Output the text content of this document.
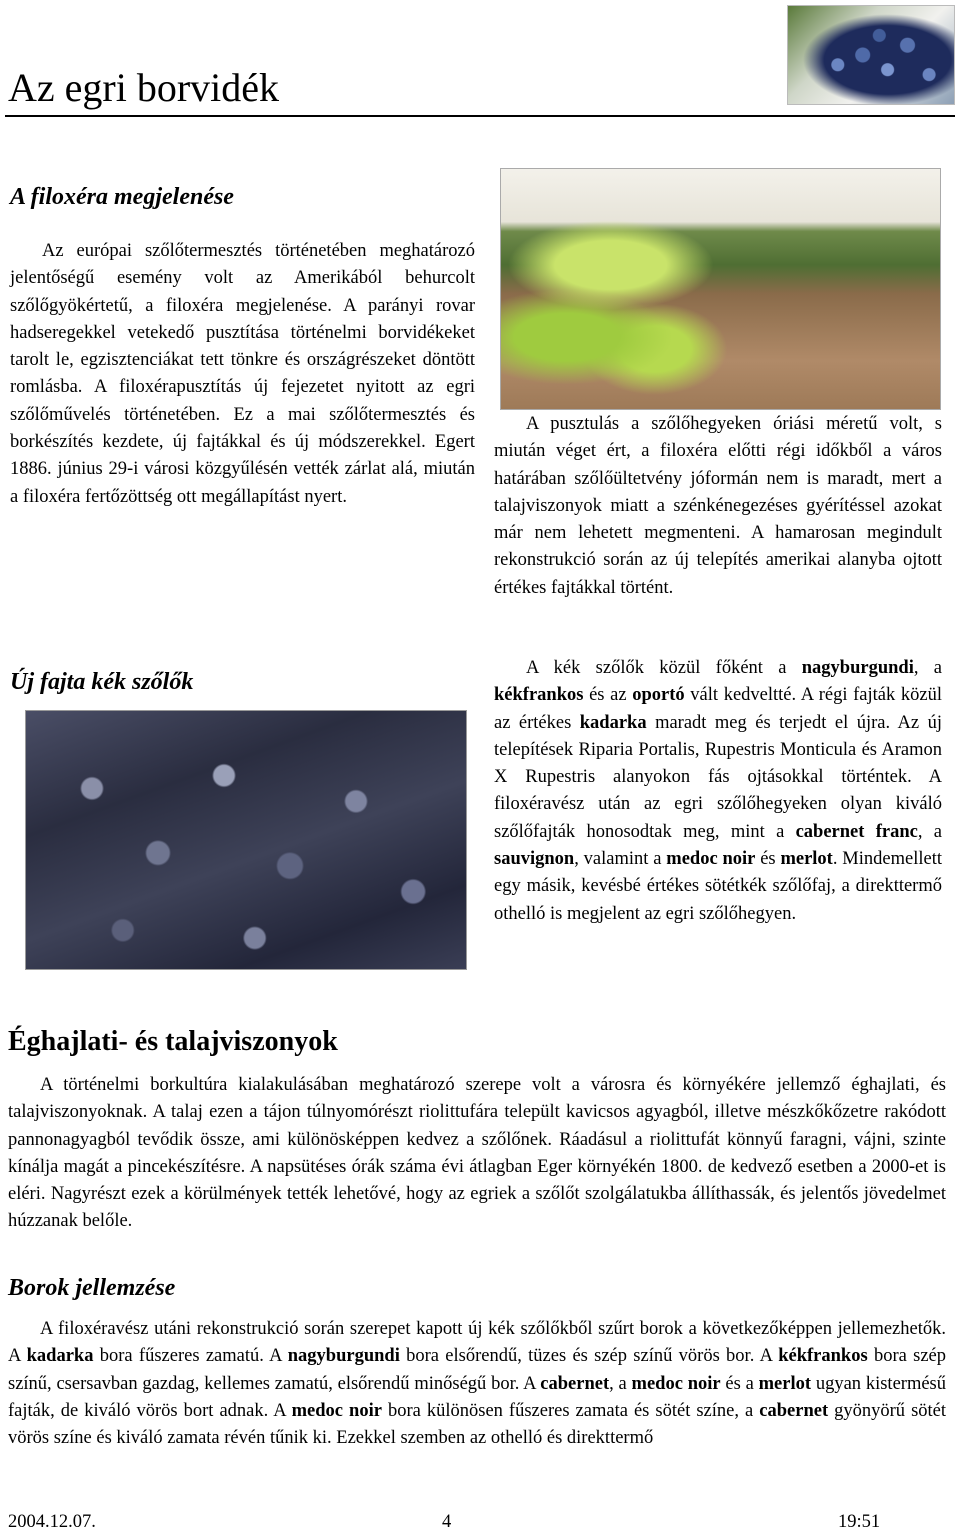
Az egri borvidék
A filoxéra megjelenése

Az európai szőlőtermesztés történetében meghatározó jelentőségű esemény volt az Amerikából behurcolt szőlőgyökértetű, a filoxéra megjelenése. A parányi rovar hadseregekkel vetekedő pusztítása történelmi borvidékeket tarolt le, egzisztenciákat tett tönkre és országrészeket döntött romlásba. A filoxérapusztítás új fejezetet nyitott az egri szőlőművelés történetében. Ez a mai szőlőtermesztés és borkészítés kezdete, új fajtákkal és új módszerekkel. Egert 1886. június 29-i városi közgyűlésén vették zárlat alá, miután a filoxéra fertőzöttség ott megállapítást nyert.

A pusztulás a szőlőhegyeken óriási méretű volt, s miután véget ért, a filoxéra előtti régi időkből a város határában szőlőültetvény jóformán nem is maradt, mert a talajviszonyok miatt a szénkénegezéses gyérítéssel azokat már nem lehetett megmenteni. A hamarosan megindult rekonstrukció során az új telepítés amerikai alanyba ojtott értékes fajtákkal történt.

Új fajta kék szőlők

A kék szőlők közül főként a nagyburgundi, a kékfrankos és az oportó vált kedveltté. A régi fajták közül az értékes kadarka maradt meg és terjedt el újra. Az új telepítések Riparia Portalis, Rupestris Monticula és Aramon X Rupestris alanyokon fás ojtásokkal történtek. A filoxéravész után az egri szőlőhegyeken olyan kiváló szőlőfajták honosodtak meg, mint a cabernet franc, a sauvignon, valamint a medoc noir és merlot. Mindemellett egy másik, kevésbé értékes sötétkék szőlőfaj, a direkttermő othelló is megjelent az egri szőlőhegyen.

Éghajlati- és talajviszonyok

A történelmi borkultúra kialakulásában meghatározó szerepe volt a városra és környékére jellemző éghajlati, és talajviszonyoknak. A talaj ezen a tájon túlnyomórészt riolittufára települt kavicsos agyagból, illetve mészkőkőzetre rakódott pannonagyagból tevődik össze, ami különösképpen kedvez a szőlőnek. Ráadásul a riolittufát könnyű faragni, vájni, szinte kínálja magát a pincekészítésre. A napsütéses órák száma évi átlagban Eger környékén 1800. de kedvező esetben a 2000-et is eléri. Nagyrészt ezek a körülmények tették lehetővé, hogy az egriek a szőlőt szolgálatukba állíthassák, és jelentős jövedelmet húzzanak belőle.

Borok jellemzése

A filoxéravész utáni rekonstrukció során szerepet kapott új kék szőlőkből szűrt borok a következőképpen jellemezhetők. A kadarka bora fűszeres zamatú. A nagyburgundi bora elsőrendű, tüzes és szép színű vörös bor. A kékfrankos bora szép színű, csersavban gazdag, kellemes zamatú, elsőrendű minőségű bor. A cabernet, a medoc noir és a merlot ugyan kistermésű fajták, de kiváló vörös bort adnak. A medoc noir bora különösen fűszeres zamata és sötét színe, a cabernet gyönyörű sötét vörös színe és kiváló zamata révén tűnik ki. Ezekkel szemben az othelló és direkttermő

2004.12.07.	4	19:51
